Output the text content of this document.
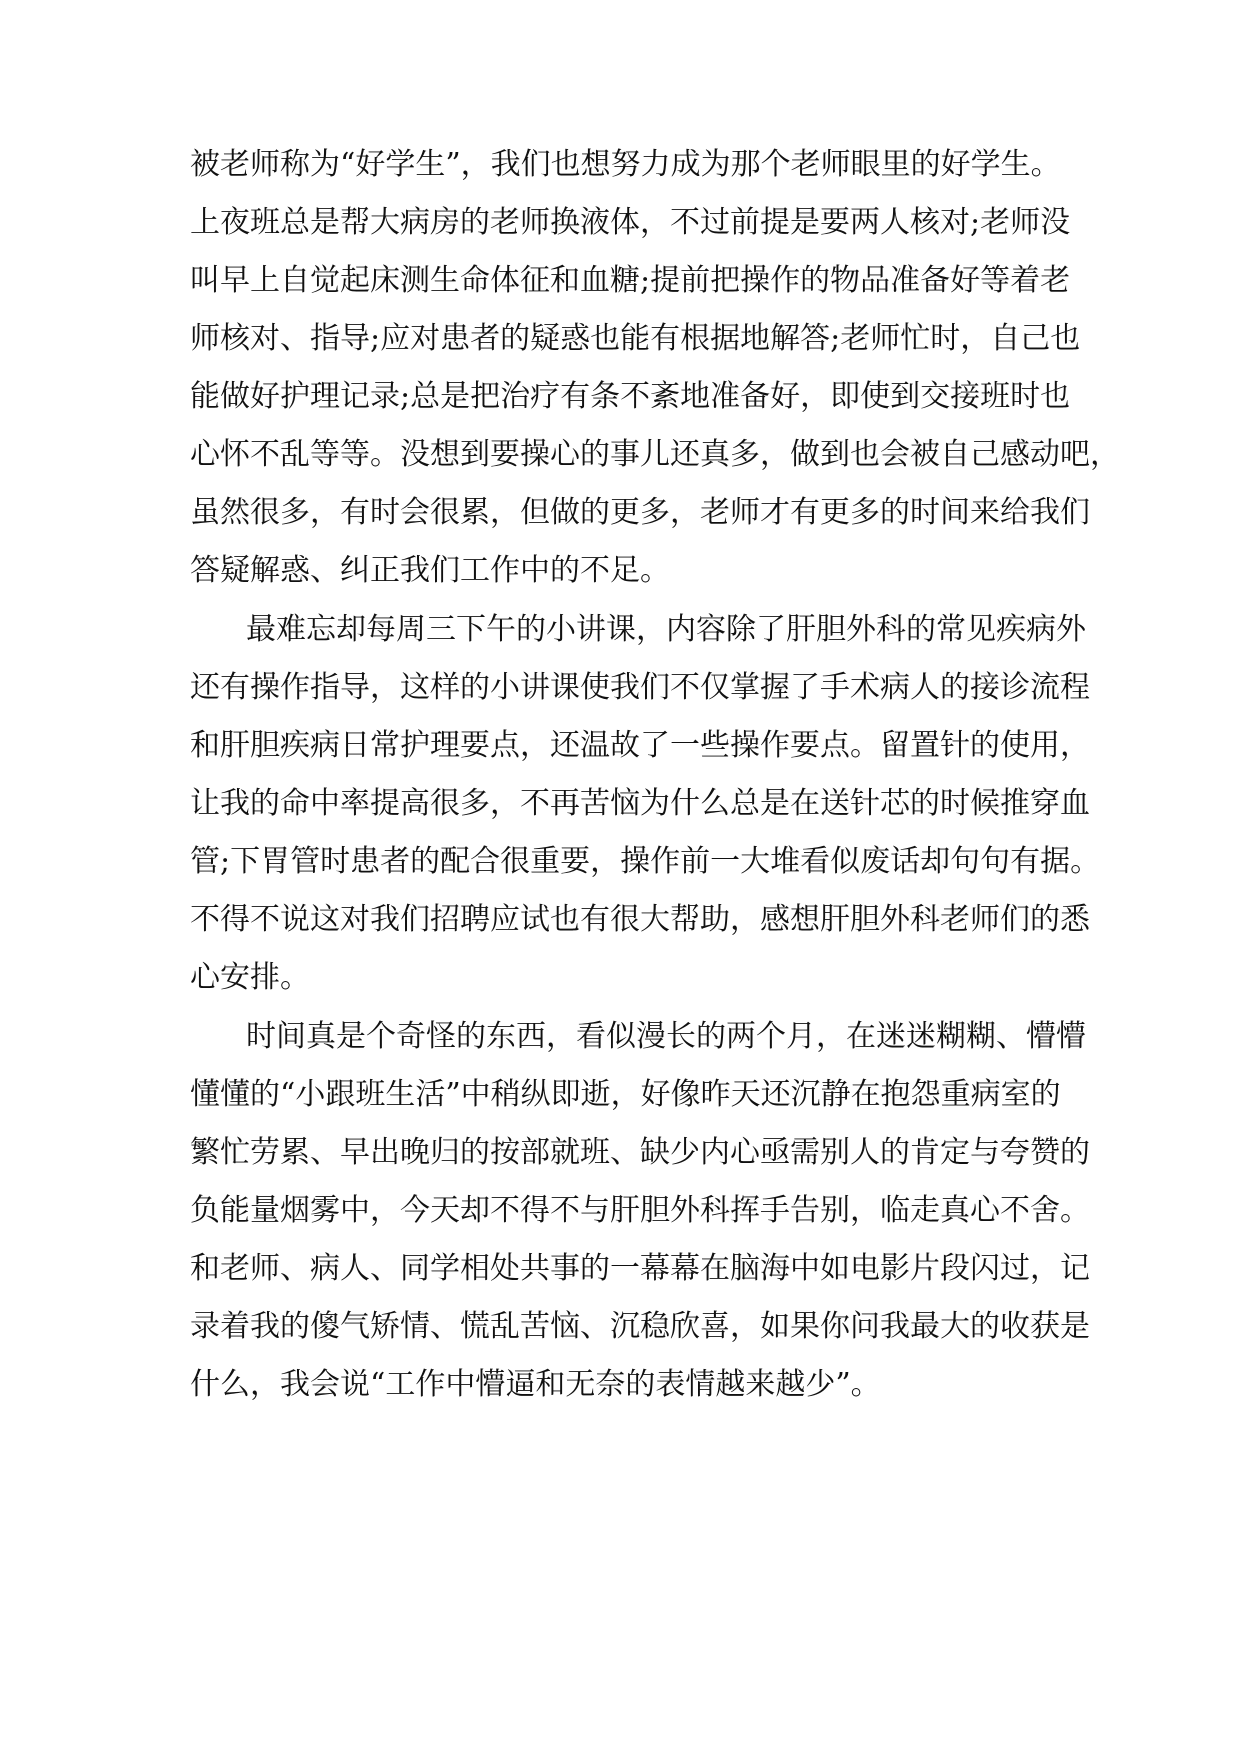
被老师称为“好学生”，我们也想努力成为那个老师眼里的好学生。
上夜班总是帮大病房的老师换液体，不过前提是要两人核对;老师没
叫早上自觉起床测生命体征和血糖;提前把操作的物品准备好等着老
师核对、指导;应对患者的疑惑也能有根据地解答;老师忙时，自己也
能做好护理记录;总是把治疗有条不紊地准备好，即使到交接班时也
心怀不乱等等。没想到要操心的事儿还真多，做到也会被自己感动吧，
虽然很多，有时会很累，但做的更多，老师才有更多的时间来给我们
答疑解惑、纠正我们工作中的不足。
最难忘却每周三下午的小讲课，内容除了肝胆外科的常见疾病外
还有操作指导，这样的小讲课使我们不仅掌握了手术病人的接诊流程
和肝胆疾病日常护理要点，还温故了一些操作要点。留置针的使用，
让我的命中率提高很多，不再苦恼为什么总是在送针芯的时候推穿血
管;下胃管时患者的配合很重要，操作前一大堆看似废话却句句有据。
不得不说这对我们招聘应试也有很大帮助，感想肝胆外科老师们的悉
心安排。
时间真是个奇怪的东西，看似漫长的两个月，在迷迷糊糊、懵懵
懂懂的“小跟班生活”中稍纵即逝，好像昨天还沉静在抱怨重病室的
繁忙劳累、早出晚归的按部就班、缺少内心亟需别人的肯定与夸赞的
负能量烟雾中，今天却不得不与肝胆外科挥手告别，临走真心不舍。
和老师、病人、同学相处共事的一幕幕在脑海中如电影片段闪过，记
录着我的傻气矫情、慌乱苦恼、沉稳欣喜，如果你问我最大的收获是
什么，我会说“工作中懵逼和无奈的表情越来越少”。
